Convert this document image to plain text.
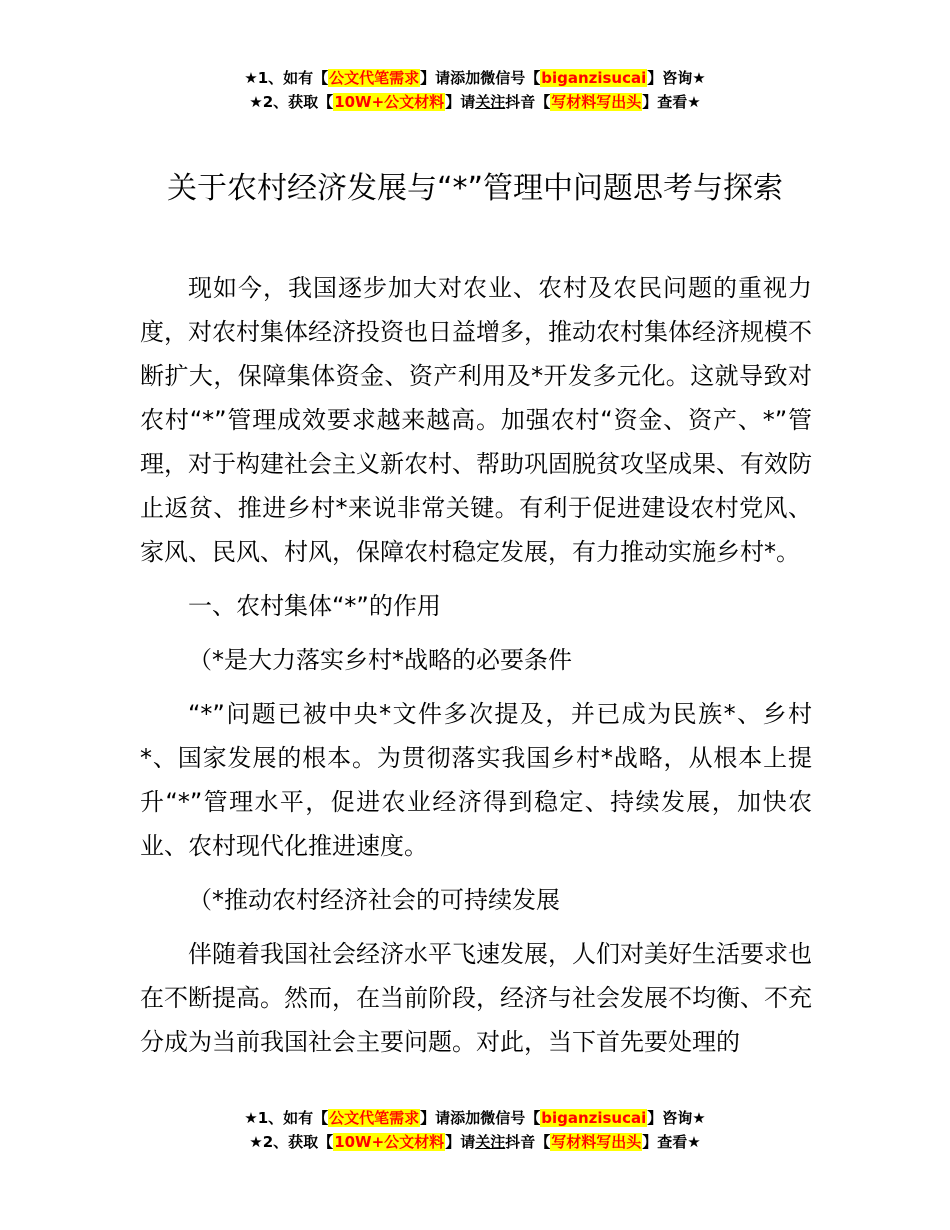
★1、如有【公文代笔需求】请添加微信号【biganzisucai】咨询★
★2、获取【10W+公文材料】请关注抖音【写材料写出头】查看★
关于农村经济发展与“*”管理中问题思考与探索

现如今，我国逐步加大对农业、农村及农民问题的重视力度，对农村集体经济投资也日益增多，推动农村集体经济规模不断扩大，保障集体资金、资产利用及*开发多元化。这就导致对农村“*”管理成效要求越来越高。加强农村“资金、资产、*”管理，对于构建社会主义新农村、帮助巩固脱贫攻坚成果、有效防止返贫、推进乡村*来说非常关键。有利于促进建设农村党风、家风、民风、村风，保障农村稳定发展，有力推动实施乡村*。

一、农村集体“*”的作用

（*是大力落实乡村*战略的必要条件

“*”问题已被中央*文件多次提及，并已成为民族*、乡村*、国家发展的根本。为贯彻落实我国乡村*战略，从根本上提升“*”管理水平，促进农业经济得到稳定、持续发展，加快农业、农村现代化推进速度。

（*推动农村经济社会的可持续发展

伴随着我国社会经济水平飞速发展，人们对美好生活要求也在不断提高。然而，在当前阶段，经济与社会发展不均衡、不充分成为当前我国社会主要问题。对此，当下首先要处理的

★1、如有【公文代笔需求】请添加微信号【biganzisucai】咨询★
★2、获取【10W+公文材料】请关注抖音【写材料写出头】查看★
